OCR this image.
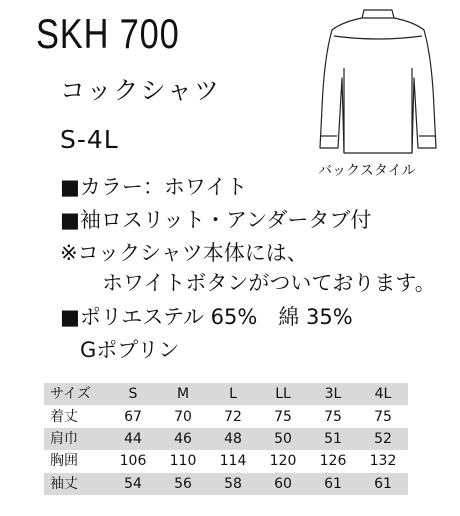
SKH 700
コックシャツ
S-4L
バックスタイル
■カラー：ホワイト
■袖ロスリット・アンダータブ付
※コックシャツ本体には、
ホワイトボタンがついております。
■ポリエステル 65%　綿 35%
Gポプリン
サイズ	S	M	L	LL	3L	4L
着丈	67	70	72	75	75	75
肩巾	44	46	48	50	51	52
胸囲	106	110	114	120	126	132
袖丈	54	56	58	60	61	61
